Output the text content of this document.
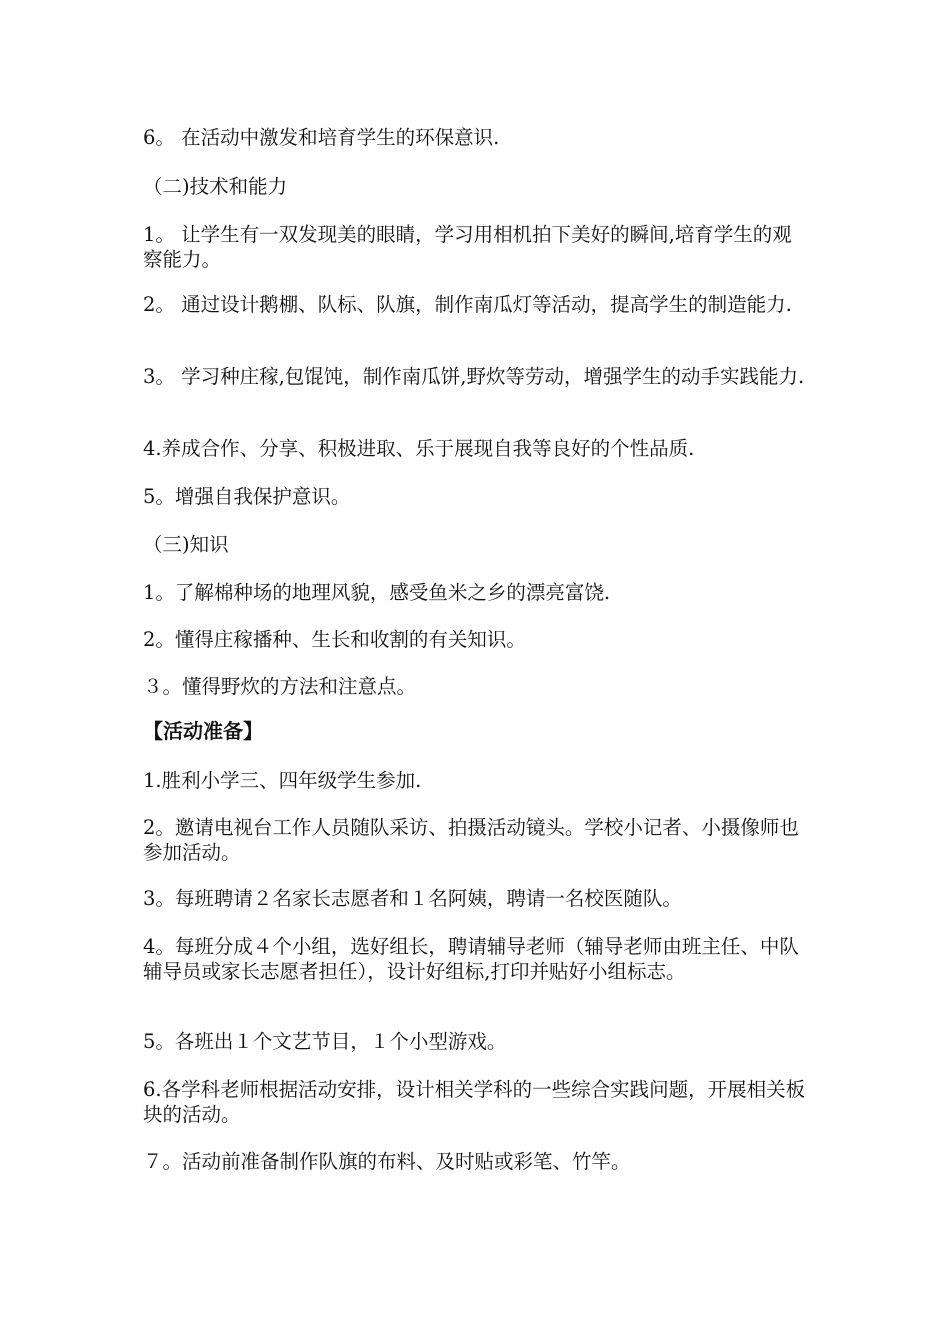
6。 在活动中激发和培育学生的环保意识.

（二)技术和能力

1。 让学生有一双发现美的眼睛，学习用相机拍下美好的瞬间,培育学生的观察能力。

2。 通过设计鹅棚、队标、队旗，制作南瓜灯等活动，提高学生的制造能力.

3。 学习种庄稼,包馄饨，制作南瓜饼,野炊等劳动，增强学生的动手实践能力.

4.养成合作、分享、积极进取、乐于展现自我等良好的个性品质.

5。增强自我保护意识。

（三)知识

1。了解棉种场的地理风貌，感受鱼米之乡的漂亮富饶.

2。懂得庄稼播种、生长和收割的有关知识。

３。懂得野炊的方法和注意点。

【活动准备】

1.胜利小学三、四年级学生参加.

2。邀请电视台工作人员随队采访、拍摄活动镜头。学校小记者、小摄像师也参加活动。

3。每班聘请２名家长志愿者和１名阿姨，聘请一名校医随队。

4。每班分成４个小组，选好组长，聘请辅导老师（辅导老师由班主任、中队辅导员或家长志愿者担任），设计好组标,打印并贴好小组标志。

5。各班出１个文艺节目，１个小型游戏。

6.各学科老师根据活动安排，设计相关学科的一些综合实践问题，开展相关板块的活动。

７。活动前准备制作队旗的布料、及时贴或彩笔、竹竿。
